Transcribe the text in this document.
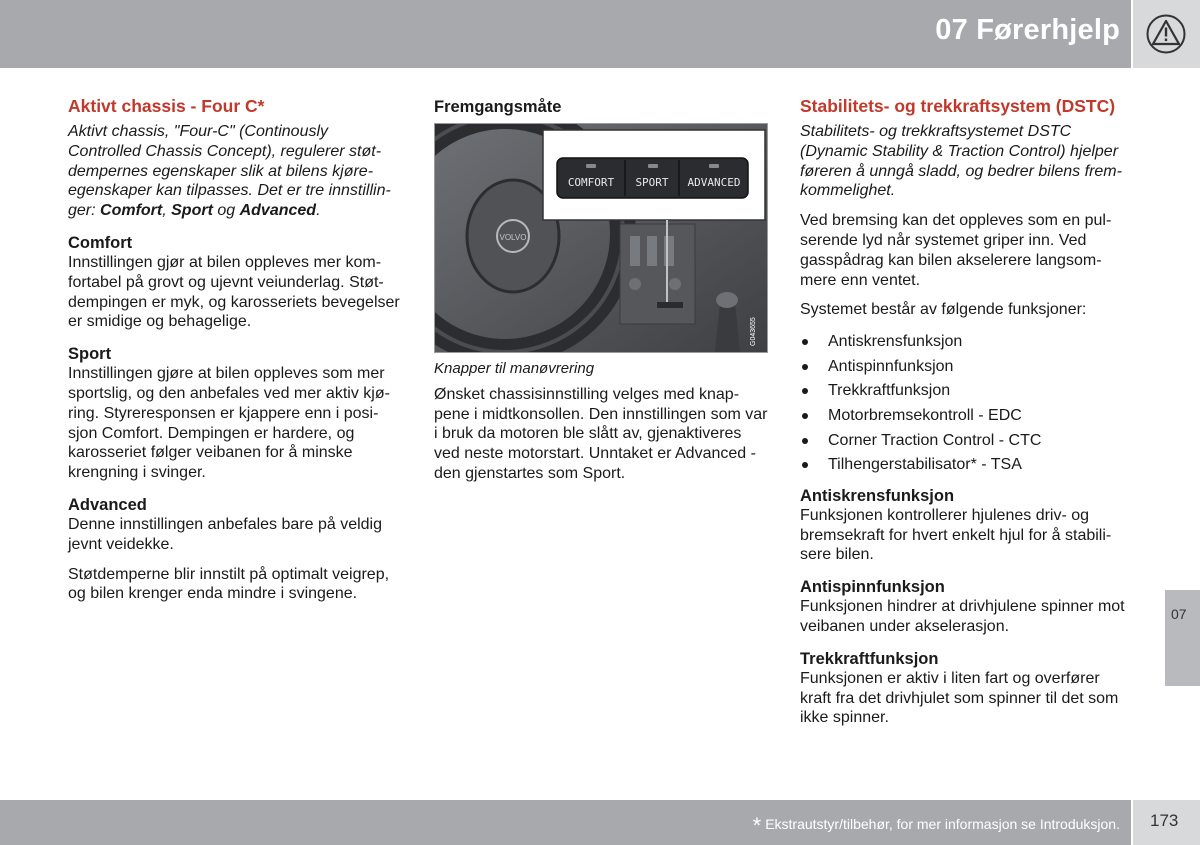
07 Førerhjelp
Aktivt chassis - Four C*

Aktivt chassis, "Four-C" (Continously Controlled Chassis Concept), regulerer støtdempernes egenskaper slik at bilens kjøreegenskaper kan tilpasses. Det er tre innstillinger: Comfort, Sport og Advanced.

Comfort

Innstillingen gjør at bilen oppleves mer komfortabel på grovt og ujevnt veiunderlag. Støtdempingen er myk, og karosseriets bevegelser er smidige og behagelige.

Sport

Innstillingen gjøre at bilen oppleves som mer sportslig, og den anbefales ved mer aktiv kjøring. Styreresponsen er kjappere enn i posisjon Comfort. Dempingen er hardere, og karosseriet følger veibanen for å minske krengning i svinger.

Advanced

Denne innstillingen anbefales bare på veldig jevnt veidekke.

Støtdemperne blir innstilt på optimalt veigrep, og bilen krenger enda mindre i svingene.

Fremgangsmåte
VOLVO
COMFORT SPORT ADVANCED
G043655

Knapper til manøvrering

Ønsket chassisinnstilling velges med knappene i midtkonsollen. Den innstillingen som var i bruk da motoren ble slått av, gjenaktiveres ved neste motorstart. Unntaket er Advanced - den gjenstartes som Sport.

Stabilitets- og trekkraftsystem (DSTC)

Stabilitets- og trekkraftsystemet DSTC (Dynamic Stability & Traction Control) hjelper føreren å unngå sladd, og bedrer bilens fremkommelighet.

Ved bremsing kan det oppleves som en pulserende lyd når systemet griper inn. Ved gasspådrag kan bilen akselerere langsommere enn ventet.

Systemet består av følgende funksjoner:

Antiskrensfunksjon
Antispinnfunksjon
Trekkraftfunksjon
Motorbremsekontroll - EDC
Corner Traction Control - CTC
Tilhengerstabilisator* - TSA
Antiskrensfunksjon

Funksjonen kontrollerer hjulenes driv- og bremsekraft for hvert enkelt hjul for å stabilisere bilen.

Antispinnfunksjon

Funksjonen hindrer at drivhjulene spinner mot veibanen under akselerasjon.

Trekkraftfunksjon

Funksjonen er aktiv i liten fart og overfører kraft fra det drivhjulet som spinner til det som ikke spinner.

07
* Ekstrautstyr/tilbehør, for mer informasjon se Introduksjon. 173
